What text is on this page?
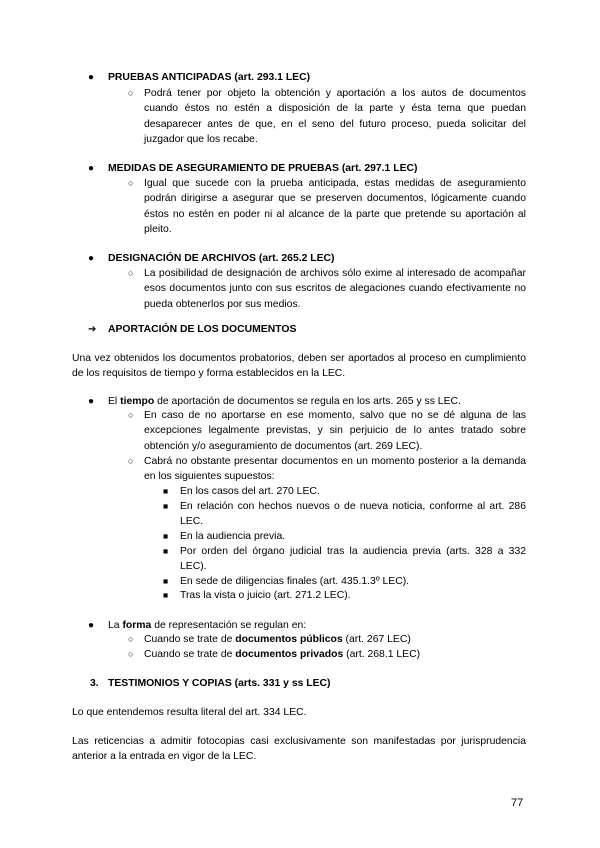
● PRUEBAS ANTICIPADAS (art. 293.1 LEC)
○ Podrá tener por objeto la obtención y aportación a los autos de documentos cuando éstos no estén a disposición de la parte y ésta tema que puedan desaparecer antes de que, en el seno del futuro proceso, pueda solicitar del juzgador que los recabe.
● MEDIDAS DE ASEGURAMIENTO DE PRUEBAS (art. 297.1 LEC)
○ Igual que sucede con la prueba anticipada, estas medidas de aseguramiento podrán dirigirse a asegurar que se preserven documentos, lógicamente cuando éstos no estén en poder ni al alcance de la parte que pretende su aportación al pleito.
● DESIGNACIÓN DE ARCHIVOS (art. 265.2 LEC)
○ La posibilidad de designación de archivos sólo exime al interesado de acompañar esos documentos junto con sus escritos de alegaciones cuando efectivamente no pueda obtenerlos por sus medios.
➔ APORTACIÓN DE LOS DOCUMENTOS
Una vez obtenidos los documentos probatorios, deben ser aportados al proceso en cumplimiento de los requisitos de tiempo y forma establecidos en la LEC.
● El tiempo de aportación de documentos se regula en los arts. 265 y ss LEC.
○ En caso de no aportarse en ese momento, salvo que no se dé alguna de las excepciones legalmente previstas, y sin perjuicio de lo antes tratado sobre obtención y/o aseguramiento de documentos (art. 269 LEC).
○ Cabrá no obstante presentar documentos en un momento posterior a la demanda en los siguientes supuestos:
■ En los casos del art. 270 LEC.
■ En relación con hechos nuevos o de nueva noticia, conforme al art. 286 LEC.
■ En la audiencia previa.
■ Por orden del órgano judicial tras la audiencia previa (arts. 328 a 332 LEC).
■ En sede de diligencias finales (art. 435.1.3º LEC).
■ Tras la vista o juicio (art. 271.2 LEC).
● La forma de representación se regulan en:
○ Cuando se trate de documentos públicos (art. 267 LEC)
○ Cuando se trate de documentos privados (art. 268.1 LEC)
3. TESTIMONIOS Y COPIAS (arts. 331 y ss LEC)
Lo que entendemos resulta literal del art. 334 LEC.
Las reticencias a admitir fotocopias casi exclusivamente son manifestadas por jurisprudencia anterior a la entrada en vigor de la LEC.
77
